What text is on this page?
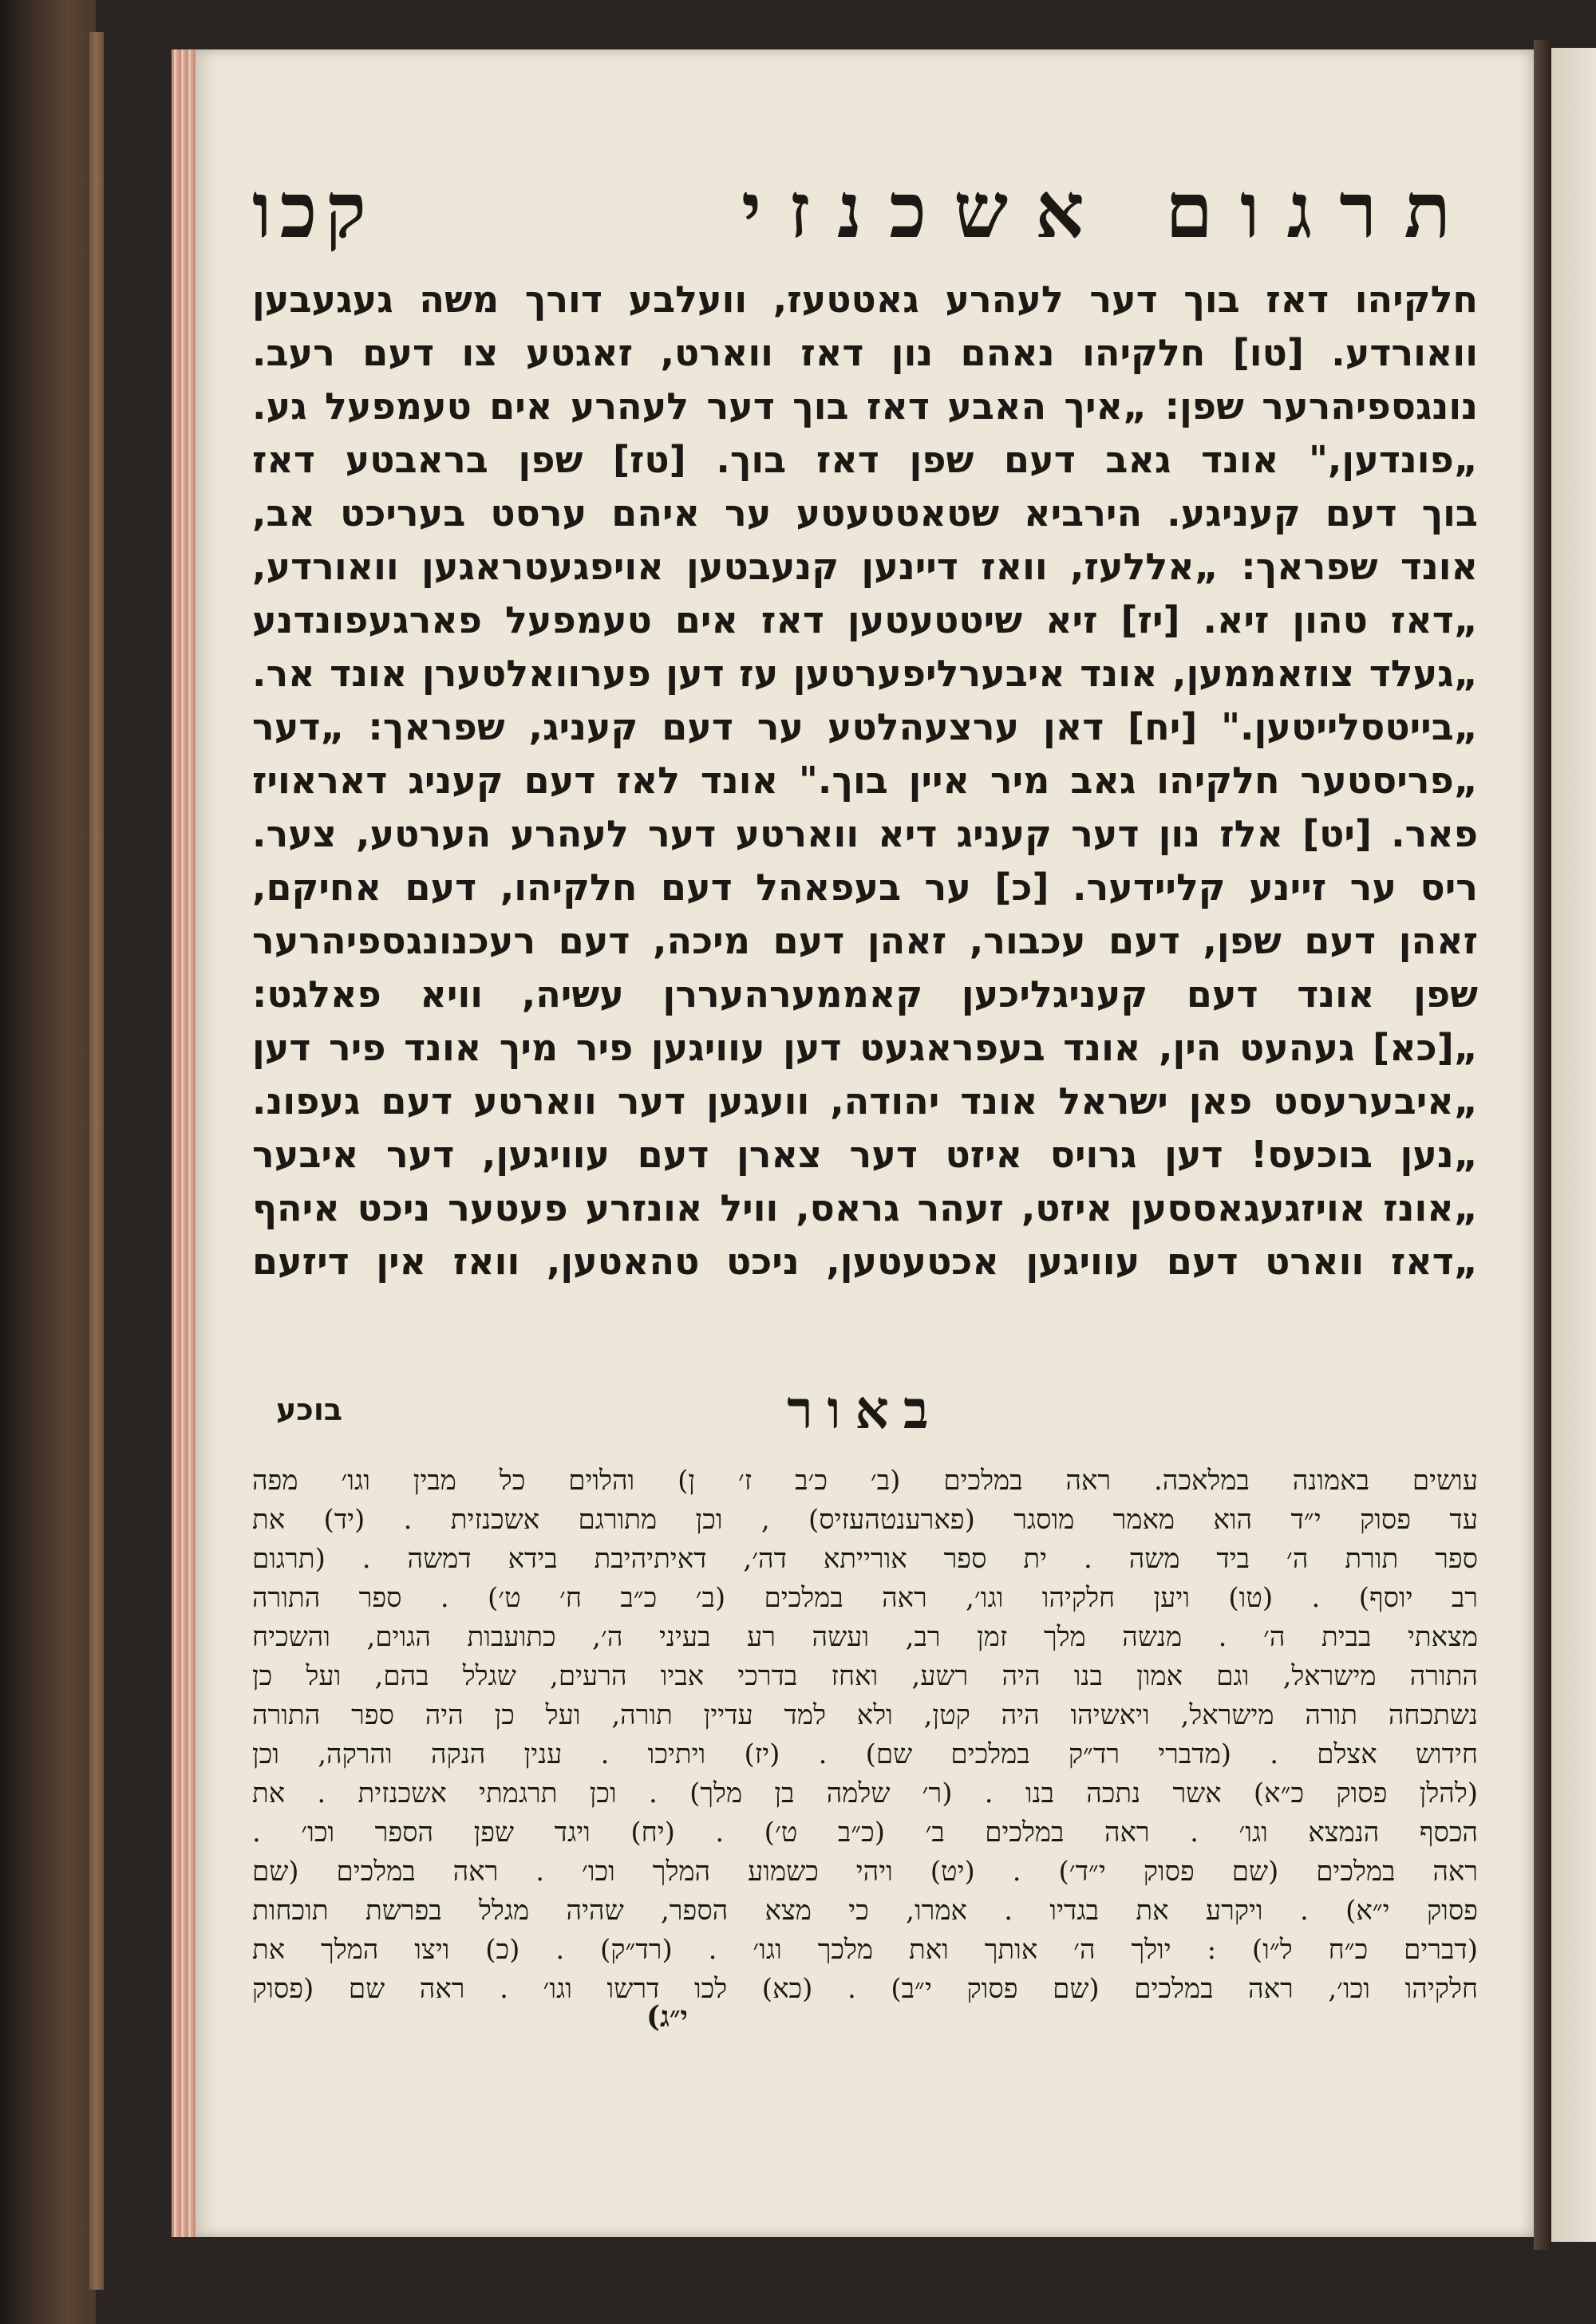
תרגום אשכנזי
קכו
חלקיהו דאז בוך דער לעהרע גאטטעז, וועלבע דורך משה געגעבען
וואורדע. [טו] חלקיהו נאהם נון דאז ווארט, זאגטע צו דעם רעב.
נונגספיהרער שפן: „איך האבע דאז בוך דער לעהרע אים טעמפעל גע.
„פונדען," אונד גאב דעם שפן דאז בוך. [טז] שפן בראבטע דאז
בוך דעם קעניגע. הירביא שטאטטעטע ער איהם ערסט בעריכט אב,
אונד שפראך: „אללעז, וואז דיינען קנעבטען אויפגעטראגען וואורדע,
„דאז טהון זיא. [יז] זיא שיטטעטען דאז אים טעמפעל פארגעפונדנע
„געלד צוזאממען, אונד איבערליפערטען עז דען פערוואלטערן אונד אר.
„בייטסלייטען." [יח] דאן ערצעהלטע ער דעם קעניג, שפראך: „דער
„פריסטער חלקיהו גאב מיר איין בוך." אונד לאז דעם קעניג דאראויז
פאר. [יט] אלז נון דער קעניג דיא ווארטע דער לעהרע הערטע, צער.
ריס ער זיינע קליידער. [כ] ער בעפאהל דעם חלקיהו, דעם אחיקם,
זאהן דעם שפן, דעם עכבור, זאהן דעם מיכה, דעם רעכנונגספיהרער
שפן אונד דעם קעניגליכען קאממערהעררן עשיה, וויא פאלגט:
„[כא] געהעט הין, אונד בעפראגעט דען עוויגען פיר מיך אונד פיר דען
„איבערעסט פאן ישראל אונד יהודה, וועגען דער ווארטע דעם געפונ.
„נען בוכעס! דען גרויס איזט דער צארן דעם עוויגען, דער איבער
„אונז אויזגעגאססען איזט, זעהר גראס, וויל אונזרע פעטער ניכט איהף
„דאז ווארט דעם עוויגען אכטעטען, ניכט טהאטען, וואז אין דיזעם
באור
בוכע
עושים באמונה במלאכה. ראה במלכים (ב׳ כ׳ב ז׳ ן) והלוים כל מבין וגו׳ מפה
עד פסוק י״ד הוא מאמר מוסגר (פארענטהעזיס) , וכן מתורגם אשכנזית . (יד) את
ספר תורת ה׳ ביד משה . ית ספר אורייתא דה׳, דאיתיהיבת בידא דמשה . (תרגום
רב יוסף) . (טו) ויען חלקיהו וגו׳, ראה במלכים (ב׳ כ״ב ח׳ ט׳) . ספר התורה
מצאתי בבית ה׳ . מנשה מלך זמן רב, ועשה רע בעיני ה׳, כתועבות הגוים, והשכיח
התורה מישראל, וגם אמון בנו היה רשע, ואחז בדרכי אביו הרעים, שגלל בהם, ועל כן
נשתכחה תורה מישראל, ויאשיהו היה קטן, ולא למד עדיין תורה, ועל כן היה ספר התורה
חידוש אצלם . (מדברי רד״ק במלכים שם) . (יז) ויתיכו . ענין הנקה והרקה, וכן
(להלן פסוק כ״א) אשר נתכה בנו . (ר׳ שלמה בן מלך) . וכן תרגמתי אשכנזית . את
הכסף הנמצא וגו׳ . ראה במלכים ב׳ (כ״ב ט׳) . (יח) ויגד שפן הספר וכו׳ .
ראה במלכים (שם פסוק י״ד׳) . (יט) ויהי כשמוע המלך וכו׳ . ראה במלכים (שם
פסוק י״א) . ויקרע את בגדיו . אמרו, כי מצא הספר, שהיה מגלל בפרשת תוכחות
(דברים כ״ח ל״ו) : יולך ה׳ אותך ואת מלכך וגו׳ . (רד״ק) . (כ) ויצו המלך את
חלקיהו וכו׳, ראה במלכים (שם פסוק י״ב) . (כא) לכו דרשו וגו׳ . ראה שם (פסוק
י״ג)
